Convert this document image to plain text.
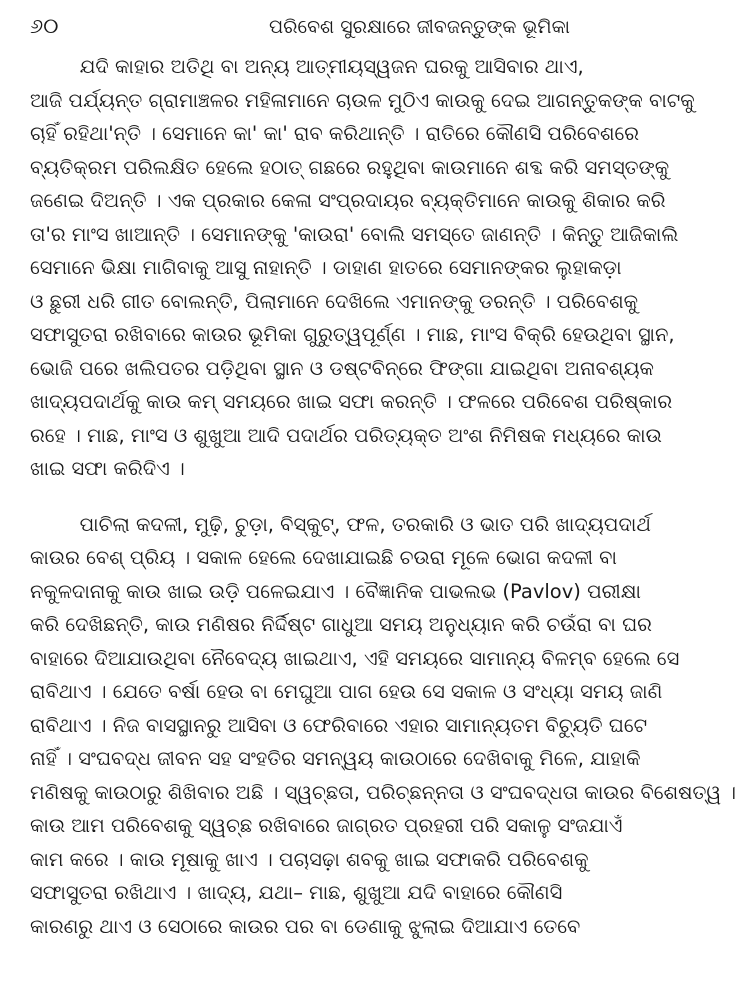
୬୦	ପରିବେଶ ସୁରକ୍ଷାରେ ଜୀବଜନ୍ତୁଙ୍କ ଭୂମିକା
ଯଦି କାହାର ଅତିଥି ବା ଅନ୍ୟ ଆତ୍ମୀୟସ୍ୱଜନ ଘରକୁ ଆସିବାର ଥାଏ,
ଆଜି ପର୍ଯ୍ୟନ୍ତ ଗ୍ରାମାଞ୍ଚଳର ମହିଳାମାନେ ଚାଉଳ ମୁଠିଏ କାଉକୁ ଦେଇ ଆଗନ୍ତୁକଙ୍କ ବାଟକୁ
ଚାହିଁ ରହିଥା'ନ୍ତି । ସେମାନେ କା' କା' ରାବ କରିଥାନ୍ତି । ରାତିରେ କୌଣସି ପରିବେଶରେ
ବ୍ୟତିକ୍ରମ ପରିଲକ୍ଷିତ ହେଲେ ହଠାତ୍ ଗଛରେ ରହୁଥିବା କାଉମାନେ ଶବ୍ଦ କରି ସମସ୍ତଙ୍କୁ
ଜଣେଇ ଦିଅନ୍ତି । ଏକ ପ୍ରକାର କେଳା ସଂପ୍ରଦାୟର ବ୍ୟକ୍ତିମାନେ କାଉକୁ ଶିକାର କରି
ତା'ର ମାଂସ ଖାଆନ୍ତି । ସେମାନଙ୍କୁ 'କାଉରା' ବୋଲି ସମସ୍ତେ ଜାଣନ୍ତି । କିନ୍ତୁ ଆଜିକାଲି
ସେମାନେ ଭିକ୍ଷା ମାଗିବାକୁ ଆସୁ ନାହାନ୍ତି । ଡାହାଣ ହାତରେ ସେମାନଙ୍କର ଲୁହାକଡ଼ା
ଓ ଛୁରୀ ଧରି ଗୀତ ବୋଲନ୍ତି, ପିଲାମାନେ ଦେଖିଲେ ଏମାନଙ୍କୁ ଡରନ୍ତି । ପରିବେଶକୁ
ସଫାସୁତରା ରଖିବାରେ କାଉର ଭୂମିକା ଗୁରୁତ୍ୱପୂର୍ଣ୍ଣ । ମାଛ, ମାଂସ ବିକ୍ରି ହେଉଥିବା ସ୍ଥାନ,
ଭୋଜି ପରେ ଖଲିପତର ପଡ଼ିଥିବା ସ୍ଥାନ ଓ ଡଷ୍ଟବିନ୍‌ରେ ଫିଙ୍ଗା ଯାଇଥିବା ଅନାବଶ୍ୟକ
ଖାଦ୍ୟପଦାର୍ଥକୁ କାଉ କମ୍ ସମୟରେ ଖାଇ ସଫା କରନ୍ତି । ଫଳରେ ପରିବେଶ ପରିଷ୍କାର
ରହେ । ମାଛ, ମାଂସ ଓ ଶୁଖୁଆ ଆଦି ପଦାର୍ଥର ପରିତ୍ୟକ୍ତ ଅଂଶ ନିମିଷକ ମଧ୍ୟରେ କାଉ
ଖାଇ ସଫା କରିଦିଏ ।
ପାଚିଲା କଦଳୀ, ମୁଢ଼ି, ଚୁଡ଼ା, ବିସ୍କୁଟ୍, ଫଳ, ତରକାରି ଓ ଭାତ ପରି ଖାଦ୍ୟପଦାର୍ଥ
କାଉର ବେଶ୍ ପ୍ରିୟ । ସକାଳ ହେଲେ ଦେଖାଯାଇଛି ଚଉରା ମୂଳେ ଭୋଗ କଦଳୀ ବା
ନକୁଳଦାନାକୁ କାଉ ଖାଇ ଉଡ଼ି ପଳେଇଯାଏ । ବୈଜ୍ଞାନିକ ପାଭଲଭ (Pavlov) ପରୀକ୍ଷା
କରି ଦେଖିଛନ୍ତି, କାଉ ମଣିଷର ନିର୍ଦ୍ଦିଷ୍ଟ ଗାଧୁଆ ସମୟ ଅନୁଧ୍ୟାନ କରି ଚଉଁରା ବା ଘର
ବାହାରେ ଦିଆଯାଉଥିବା ନୈବେଦ୍ୟ ଖାଇଥାଏ, ଏହି ସମୟରେ ସାମାନ୍ୟ ବିଳମ୍ବ ହେଲେ ସେ
ରାବିଥାଏ । ଯେତେ ବର୍ଷା ହେଉ ବା ମେଘୁଆ ପାଗ ହେଉ ସେ ସକାଳ ଓ ସଂଧ୍ୟା ସମୟ ଜାଣି
ରାବିଥାଏ । ନିଜ ବାସସ୍ଥାନରୁ ଆସିବା ଓ ଫେରିବାରେ ଏହାର ସାମାନ୍ୟତମ ବିଚ୍ୟୁତି ଘଟେ
ନାହିଁ । ସଂଘବଦ୍ଧ ଜୀବନ ସହ ସଂହତିର ସମନ୍ୱୟ କାଉଠାରେ ଦେଖିବାକୁ ମିଳେ, ଯାହାକି
ମଣିଷକୁ କାଉଠାରୁ ଶିଖିବାର ଅଛି । ସ୍ୱଚ୍ଛତା, ପରିଚ୍ଛନ୍ନତା ଓ ସଂଘବଦ୍ଧତା କାଉର ବିଶେଷତ୍ୱ ।
କାଉ ଆମ ପରିବେଶକୁ ସ୍ୱଚ୍ଛ ରଖିବାରେ ଜାଗ୍ରତ ପ୍ରହରୀ ପରି ସକାଳୁ ସଂଜଯାଏଁ
କାମ କରେ । କାଉ ମୂଷାକୁ ଖାଏ । ପଚାସଢ଼ା ଶବକୁ ଖାଇ ସଫାକରି ପରିବେଶକୁ
ସଫାସୁତରା ରଖିଥାଏ । ଖାଦ୍ୟ, ଯଥା– ମାଛ, ଶୁଖୁଆ ଯଦି ବାହାରେ କୌଣସି
କାରଣରୁ ଥାଏ ଓ ସେଠାରେ କାଉର ପର ବା ଡେଣାକୁ ଝୁଲାଇ ଦିଆଯାଏ ତେବେ
